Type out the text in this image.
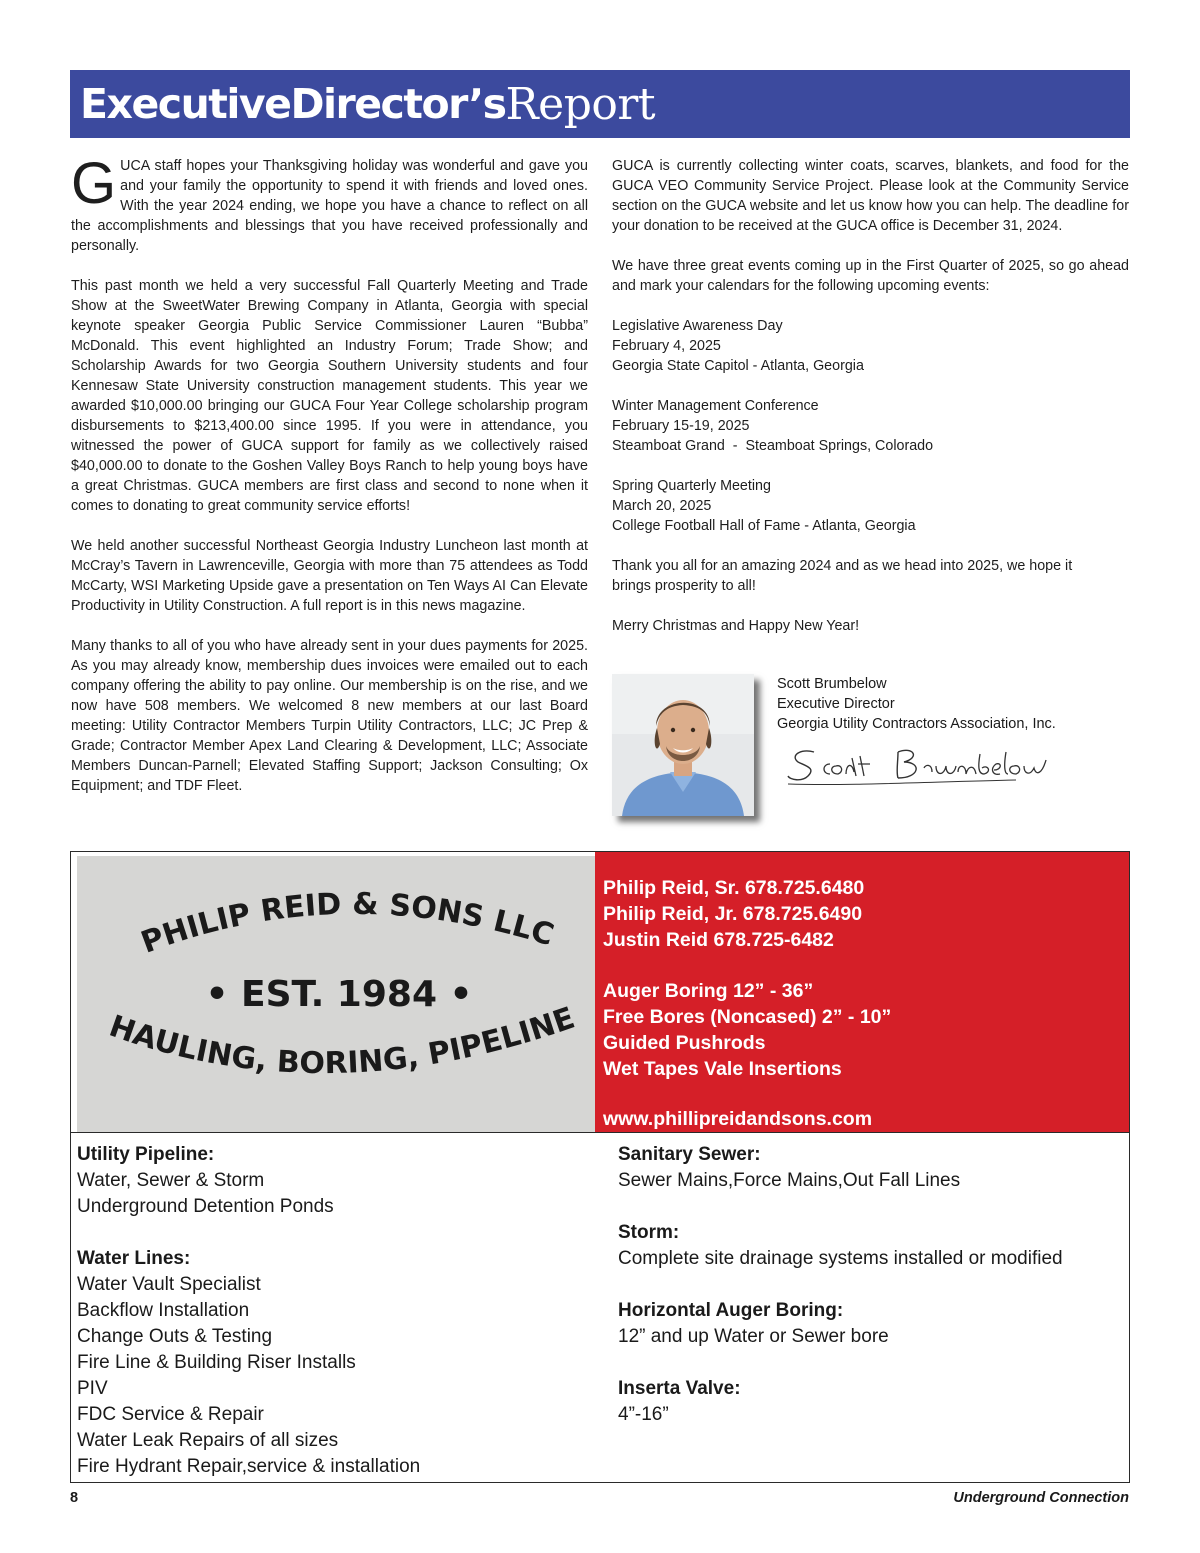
ExecutiveDirector’s Report

GUCA staff hopes your Thanksgiving holiday was wonderful and gave you and your family the opportunity to spend it with friends and loved ones. With the year 2024 ending, we hope you have a chance to reflect on all the accomplishments and blessings that you have received professionally and personally.

This past month we held a very successful Fall Quarterly Meeting and Trade Show at the SweetWater Brewing Company in Atlanta, Georgia with special keynote speaker Georgia Public Service Commissioner Lauren “Bubba” McDonald. This event highlighted an Industry Forum; Trade Show; and Scholarship Awards for two Georgia Southern University students and four Kennesaw State University construction management students. This year we awarded $10,000.00 bringing our GUCA Four Year College scholarship program disbursements to $213,400.00 since 1995. If you were in attendance, you witnessed the power of GUCA support for family as we collectively raised $40,000.00 to donate to the Goshen Valley Boys Ranch to help young boys have a great Christmas. GUCA members are first class and second to none when it comes to donating to great community service efforts!

We held another successful Northeast Georgia Industry Luncheon last month at McCray’s Tavern in Lawrenceville, Georgia with more than 75 attendees as Todd McCarty, WSI Marketing Upside gave a presentation on Ten Ways AI Can Elevate Productivity in Utility Construction. A full report is in this news magazine.

Many thanks to all of you who have already sent in your dues payments for 2025. As you may already know, membership dues invoices were emailed out to each company offering the ability to pay online. Our membership is on the rise, and we now have 508 members. We welcomed 8 new members at our last Board meeting: Utility Contractor Members Turpin Utility Contractors, LLC; JC Prep & Grade; Contractor Member Apex Land Clearing & Development, LLC; Associate Members Duncan-Parnell; Elevated Staffing Support; Jackson Consulting; Ox Equipment; and TDF Fleet.

GUCA is currently collecting winter coats, scarves, blankets, and food for the GUCA VEO Community Service Project. Please look at the Community Service section on the GUCA website and let us know how you can help. The deadline for your donation to be received at the GUCA office is December 31, 2024.

We have three great events coming up in the First Quarter of 2025, so go ahead and mark your calendars for the following upcoming events:

Legislative Awareness Day
February 4, 2025
Georgia State Capitol - Atlanta, Georgia
Winter Management Conference
February 15-19, 2025
Steamboat Grand  -  Steamboat Springs, Colorado
Spring Quarterly Meeting
March 20, 2025
College Football Hall of Fame - Atlanta, Georgia
Thank you all for an amazing 2024 and as we head into 2025, we hope it
brings prosperity to all!
Merry Christmas and Happy New Year!
Scott Brumbelow
Executive Director
Georgia Utility Contractors Association, Inc.
PHILIP REID & SONS LLC
• EST. 1984 •
HAULING, BORING, PIPELINE
Philip Reid, Sr. 678.725.6480
Philip Reid, Jr. 678.725.6490
Justin Reid 678.725-6482
Auger Boring 12” - 36”
Free Bores (Noncased) 2” - 10”
Guided Pushrods
Wet Tapes Vale Insertions
www.phillipreidandsons.com
Utility Pipeline:
Water, Sewer & Storm
Underground Detention Ponds
Water Lines:
Water Vault Specialist
Backflow Installation
Change Outs & Testing
Fire Line & Building Riser Installs
PIV
FDC Service & Repair
Water Leak Repairs of all sizes
Fire Hydrant Repair,service & installation
Sanitary Sewer:
Sewer Mains,Force Mains,Out Fall Lines
Storm:
Complete site drainage systems installed or modified
Horizontal Auger Boring:
12” and up Water or Sewer bore
Inserta Valve:
4”-16”
8	Underground Connection
